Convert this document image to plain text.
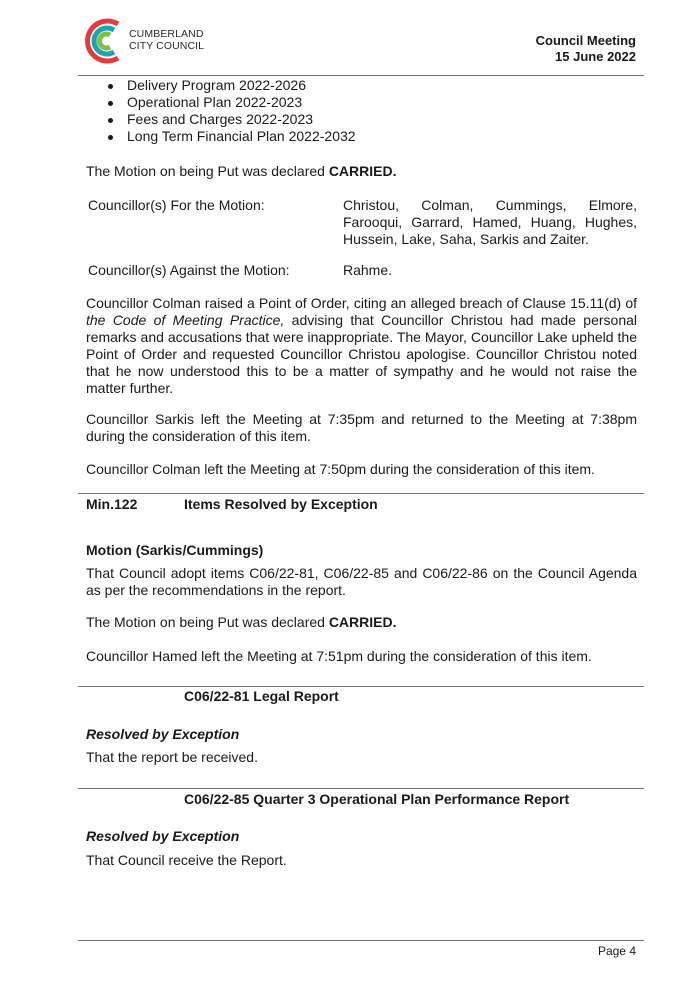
CUMBERLAND
CITY COUNCIL	Council Meeting
15 June 2022
Delivery Program 2022-2026
Operational Plan 2022-2023
Fees and Charges 2022-2023
Long Term Financial Plan 2022-2032

The Motion on being Put was declared CARRIED.

Councillor(s) For the Motion:	Christou, Colman, Cummings, Elmore, Farooqui, Garrard, Hamed, Huang, Hughes, Hussein, Lake, Saha, Sarkis and Zaiter.
Councillor(s) Against the Motion:	Rahme.

Councillor Colman raised a Point of Order, citing an alleged breach of Clause 15.11(d) of the Code of Meeting Practice, advising that Councillor Christou had made personal remarks and accusations that were inappropriate. The Mayor, Councillor Lake upheld the Point of Order and requested Councillor Christou apologise. Councillor Christou noted that he now understood this to be a matter of sympathy and he would not raise the matter further.

Councillor Sarkis left the Meeting at 7:35pm and returned to the Meeting at 7:38pm during the consideration of this item.
Councillor Colman left the Meeting at 7:50pm during the consideration of this item.
Min.122	Items Resolved by Exception
Motion (Sarkis/Cummings)
That Council adopt items C06/22-81, C06/22-85 and C06/22-86 on the Council Agenda as per the recommendations in the report.

The Motion on being Put was declared CARRIED.

Councillor Hamed left the Meeting at 7:51pm during the consideration of this item.
C06/22-81 Legal Report
Resolved by Exception
That the report be received.
C06/22-85 Quarter 3 Operational Plan Performance Report
Resolved by Exception
That Council receive the Report.
Page 4
